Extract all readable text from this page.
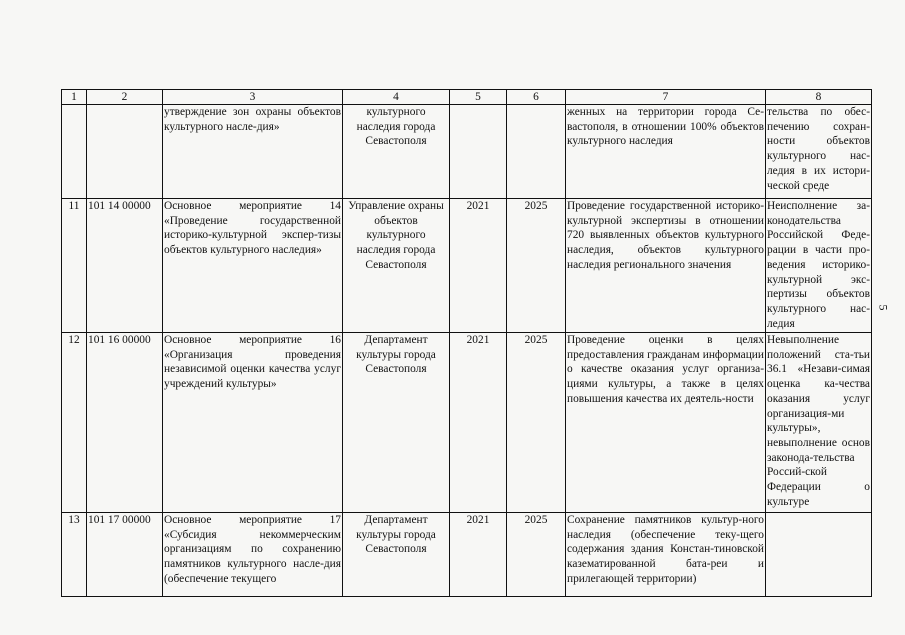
1	2	3	4	5	6	7	8
		утверждение зон охраны объектов культурного насле-дия»	культурного наследия города Севастополя			женных на территории города Се-вастополя, в отношении 100% объектов культурного наследия	тельства по обес-печению сохран-ности объектов культурного нас-ледия в их истори-ческой среде
11	101 14 00000	Основное мероприятие 14 «Проведение государственной историко-культурной экспер-тизы объектов культурного наследия»	Управление охраны объектов культурного наследия города Севастополя	2021	2025	Проведение государственной историко-культурной экспертизы в отношении 720 выявленных объектов культурного наследия, объектов культурного наследия регионального значения	Неисполнение за-конодательства Российской Феде-рации в части про-ведения историко-культурной экс-пертизы объектов культурного нас-ледия
12	101 16 00000	Основное мероприятие 16 «Организация проведения независимой оценки качества услуг учреждений культуры»	Департамент культуры города Севастополя	2021	2025	Проведение оценки в целях предоставления гражданам информации о качестве оказания услуг организа-циями культуры, а также в целях повышения качества их деятель-ности	Невыполнение положений ста-тьи 36.1 «Незави-симая оценка ка-чества оказания услуг организация-ми культуры», невыполнение основ законода-тельства Россий-ской Федерации о культуре
13	101 17 00000	Основное мероприятие 17 «Субсидия некоммерческим организациям по сохранению памятников культурного насле-дия (обеспечение текущего	Департамент культуры города Севастополя	2021	2025	Сохранение памятников культур-ного наследия (обеспечение теку-щего содержания здания Констан-тиновской казематированной бата-реи и прилегающей территории)	
5
